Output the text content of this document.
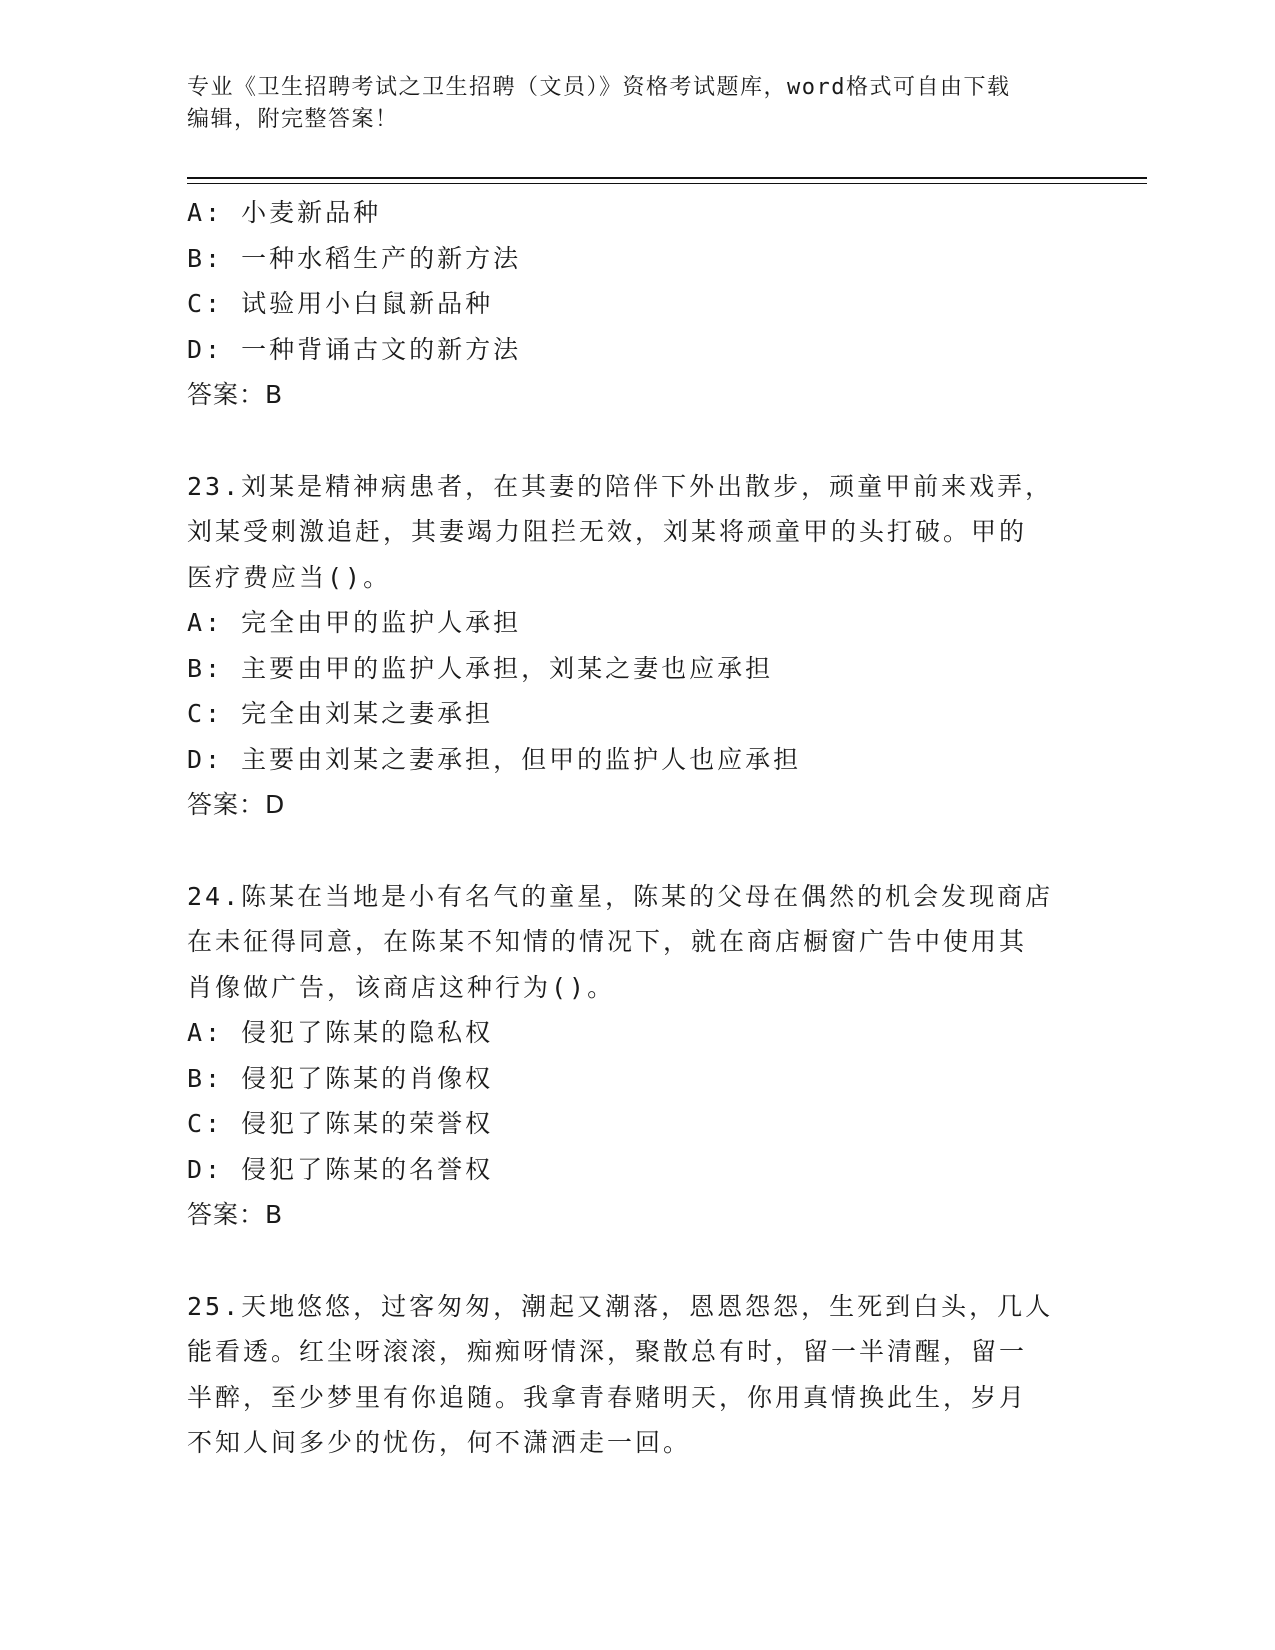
专业《卫生招聘考试之卫生招聘（文员）》资格考试题库，word格式可自由下载
编辑，附完整答案！
A: 小麦新品种
B: 一种水稻生产的新方法
C: 试验用小白鼠新品种
D: 一种背诵古文的新方法
答案：B
23.刘某是精神病患者，在其妻的陪伴下外出散步，顽童甲前来戏弄，
刘某受刺激追赶，其妻竭力阻拦无效，刘某将顽童甲的头打破。甲的
医疗费应当()。
A: 完全由甲的监护人承担
B: 主要由甲的监护人承担，刘某之妻也应承担
C: 完全由刘某之妻承担
D: 主要由刘某之妻承担，但甲的监护人也应承担
答案：D
24.陈某在当地是小有名气的童星，陈某的父母在偶然的机会发现商店
在未征得同意，在陈某不知情的情况下，就在商店橱窗广告中使用其
肖像做广告，该商店这种行为()。
A: 侵犯了陈某的隐私权
B: 侵犯了陈某的肖像权
C: 侵犯了陈某的荣誉权
D: 侵犯了陈某的名誉权
答案：B
25.天地悠悠，过客匆匆，潮起又潮落，恩恩怨怨，生死到白头，几人
能看透。红尘呀滚滚，痴痴呀情深，聚散总有时，留一半清醒，留一
半醉，至少梦里有你追随。我拿青春赌明天，你用真情换此生，岁月
不知人间多少的忧伤，何不潇洒走一回。
